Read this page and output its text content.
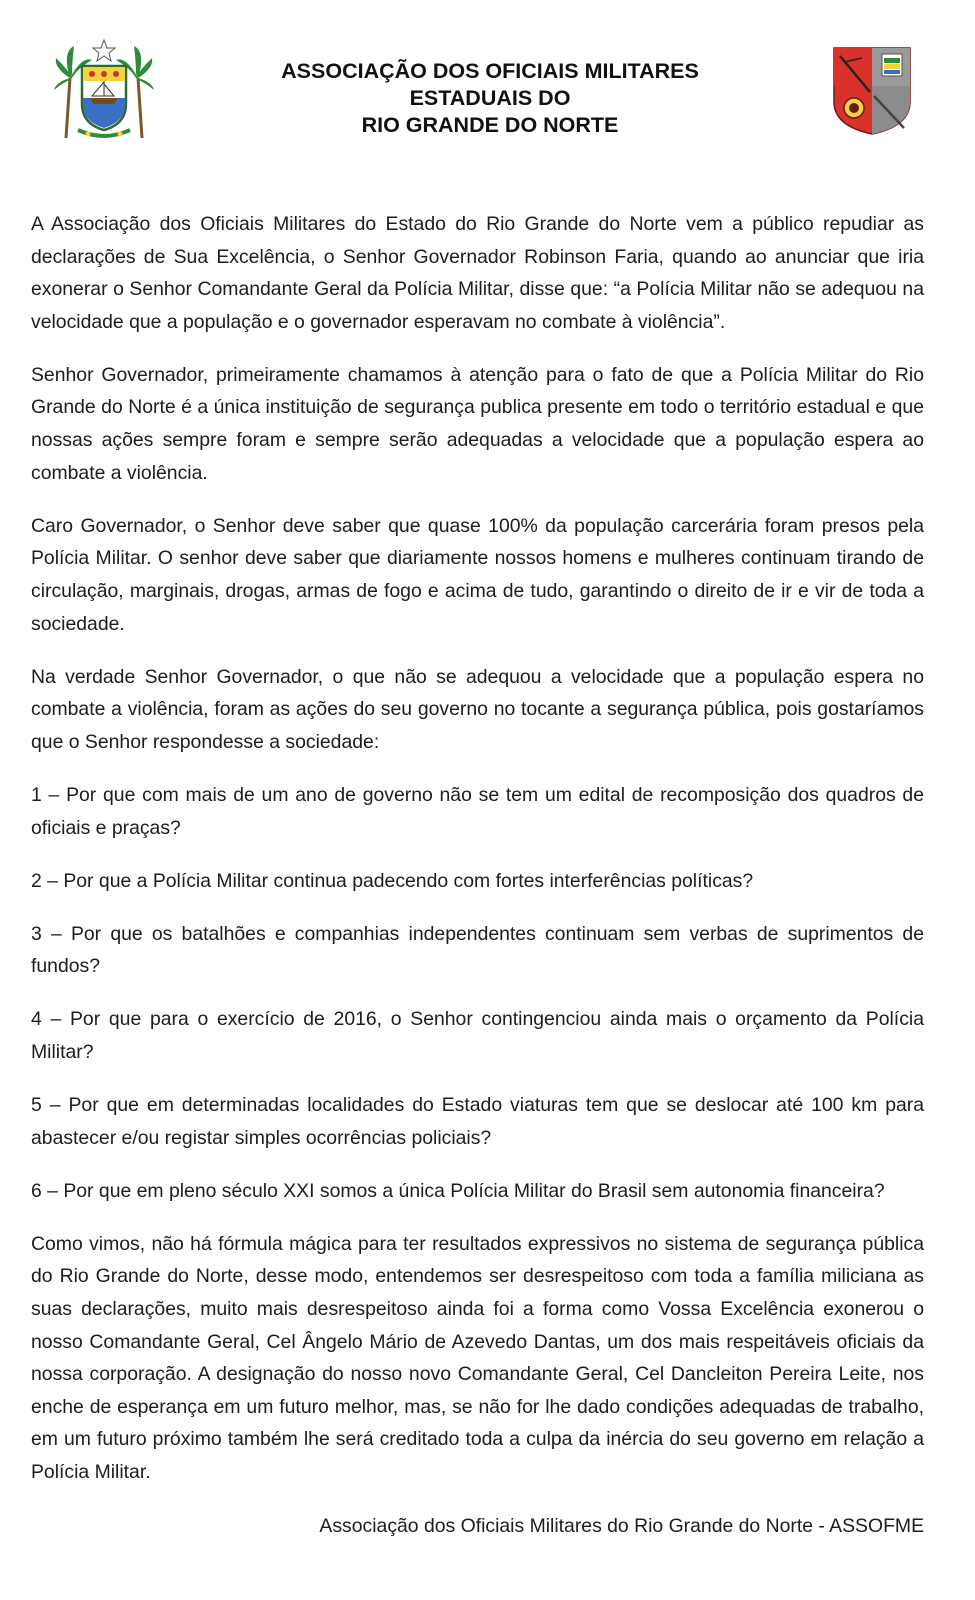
ASSOCIAÇÃO DOS OFICIAIS MILITARES
ESTADUAIS DO
RIO GRANDE DO NORTE

A Associação dos Oficiais Militares do Estado do Rio Grande do Norte vem a público repudiar as declarações de Sua Excelência, o Senhor Governador Robinson Faria, quando ao anunciar que iria exonerar o Senhor Comandante Geral da Polícia Militar, disse que: “a Polícia Militar não se adequou na velocidade que a população e o governador esperavam no combate à violência”.

Senhor Governador, primeiramente chamamos à atenção para o fato de que a Polícia Militar do Rio Grande do Norte é a única instituição de segurança publica presente em todo o território estadual e que nossas ações sempre foram e sempre serão adequadas a velocidade que a população espera ao combate a violência.

Caro Governador, o Senhor deve saber que quase 100% da população carcerária foram presos pela Polícia Militar. O senhor deve saber que diariamente nossos homens e mulheres continuam tirando de circulação, marginais, drogas, armas de fogo e acima de tudo, garantindo o direito de ir e vir de toda a sociedade.

Na verdade Senhor Governador, o que não se adequou a velocidade que a população espera no combate a violência, foram as ações do seu governo no tocante a segurança pública, pois gostaríamos que o Senhor respondesse a sociedade:

1 – Por que com mais de um ano de governo não se tem um edital de recomposição dos quadros de oficiais e praças?

2 – Por que a Polícia Militar continua padecendo com fortes interferências políticas?

3 – Por que os batalhões e companhias independentes continuam sem verbas de suprimentos de fundos?

4 – Por que para o exercício de 2016, o Senhor contingenciou ainda mais o orçamento da Polícia Militar?

5 – Por que em determinadas localidades do Estado viaturas tem que se deslocar até 100 km para abastecer e/ou registar simples ocorrências policiais?

6 – Por que em pleno século XXI somos a única Polícia Militar do Brasil sem autonomia financeira?

Como vimos, não há fórmula mágica para ter resultados expressivos no sistema de segurança pública do Rio Grande do Norte, desse modo, entendemos ser desrespeitoso com toda a família miliciana as suas declarações, muito mais desrespeitoso ainda foi a forma como Vossa Excelência exonerou o nosso Comandante Geral, Cel Ângelo Mário de Azevedo Dantas, um dos mais respeitáveis oficiais da nossa corporação. A designação do nosso novo Comandante Geral, Cel Dancleiton Pereira Leite, nos enche de esperança em um futuro melhor, mas, se não for lhe dado condições adequadas de trabalho, em um futuro próximo também lhe será creditado toda a culpa da inércia do seu governo em relação a Polícia Militar.

Associação dos Oficiais Militares do Rio Grande do Norte - ASSOFME
